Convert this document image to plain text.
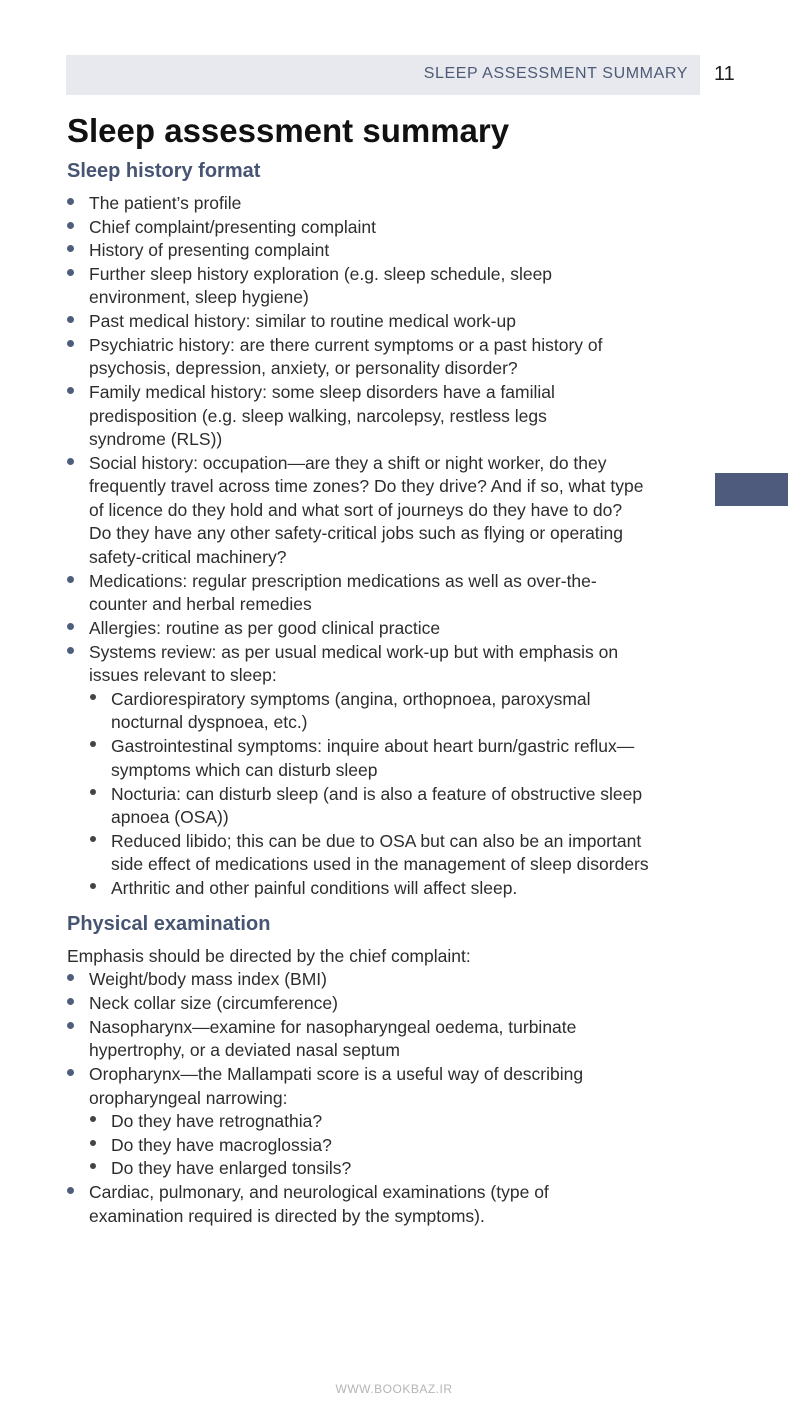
SLEEP ASSESSMENT SUMMARY 11
Sleep assessment summary
Sleep history format
The patient’s profile
Chief complaint/presenting complaint
History of presenting complaint
Further sleep history exploration (e.g. sleep schedule, sleep
environment, sleep hygiene)
Past medical history: similar to routine medical work-up
Psychiatric history: are there current symptoms or a past history of
psychosis, depression, anxiety, or personality disorder?
Family medical history: some sleep disorders have a familial
predisposition (e.g. sleep walking, narcolepsy, restless legs
syndrome (RLS))
Social history: occupation—are they a shift or night worker, do they
frequently travel across time zones? Do they drive? And if so, what type
of licence do they hold and what sort of journeys do they have to do?
Do they have any other safety-critical jobs such as flying or operating
safety-critical machinery?
Medications: regular prescription medications as well as over-the-
counter and herbal remedies
Allergies: routine as per good clinical practice
Systems review: as per usual medical work-up but with emphasis on
issues relevant to sleep:
Cardiorespiratory symptoms (angina, orthopnoea, paroxysmal
nocturnal dyspnoea, etc.)
Gastrointestinal symptoms: inquire about heart burn/gastric reflux—
symptoms which can disturb sleep
Nocturia: can disturb sleep (and is also a feature of obstructive sleep
apnoea (OSA))
Reduced libido; this can be due to OSA but can also be an important
side effect of medications used in the management of sleep disorders
Arthritic and other painful conditions will affect sleep.
Physical examination
Emphasis should be directed by the chief complaint:
Weight/body mass index (BMI)
Neck collar size (circumference)
Nasopharynx—examine for nasopharyngeal oedema, turbinate
hypertrophy, or a deviated nasal septum
Oropharynx—the Mallampati score is a useful way of describing
oropharyngeal narrowing:
Do they have retrognathia?
Do they have macroglossia?
Do they have enlarged tonsils?
Cardiac, pulmonary, and neurological examinations (type of
examination required is directed by the symptoms).
WWW.BOOKBAZ.IR
